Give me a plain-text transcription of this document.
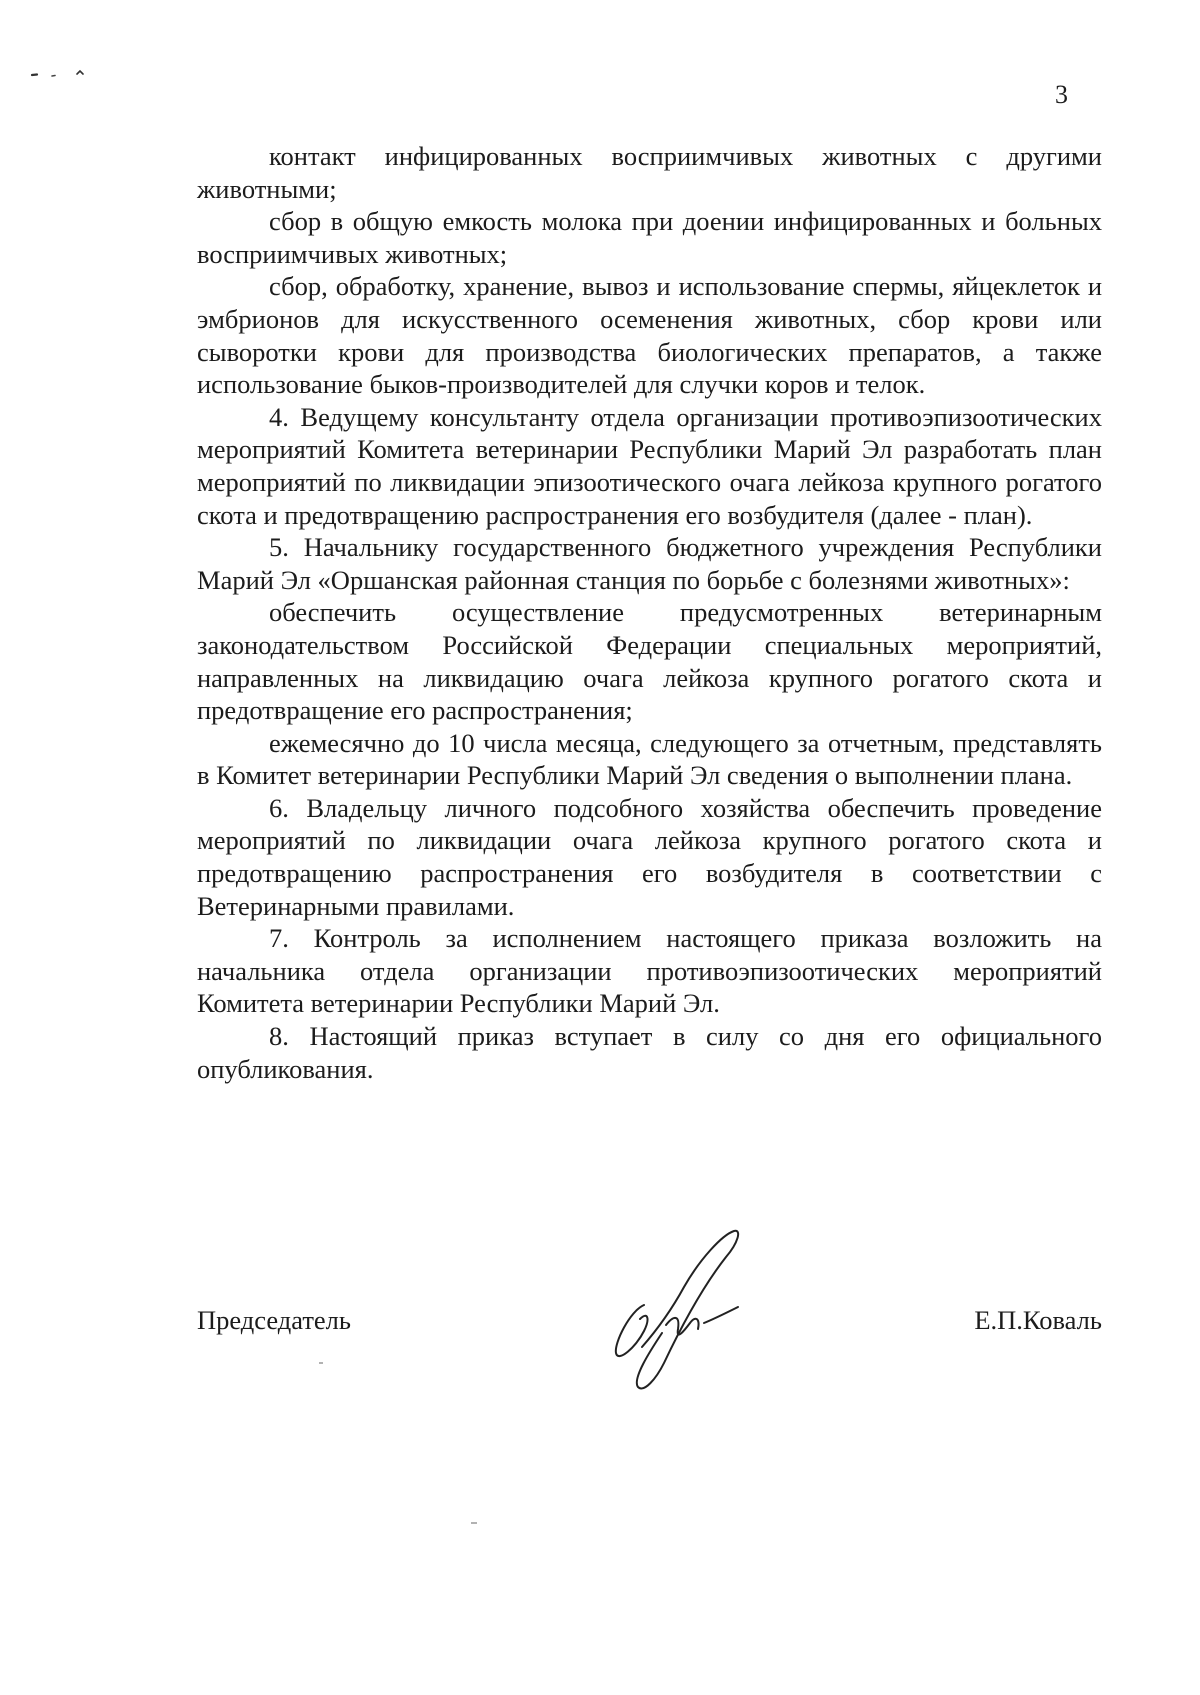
3

контакт инфицированных восприимчивых животных с другими животными;

сбор в общую емкость молока при доении инфицированных и больных восприимчивых животных;

сбор, обработку, хранение, вывоз и использование спермы, яйцеклеток и эмбрионов для искусственного осеменения животных, сбор крови или сыворотки крови для производства биологических препаратов, а также использование быков-производителей для случки коров и телок.

4. Ведущему консультанту отдела организации противоэпизоотических мероприятий Комитета ветеринарии Республики Марий Эл разработать план мероприятий по ликвидации эпизоотического очага лейкоза крупного рогатого скота и предотвращению распространения его возбудителя (далее - план).

5. Начальнику государственного бюджетного учреждения Республики Марий Эл «Оршанская районная станция по борьбе с болезнями животных»:

обеспечить осуществление предусмотренных ветеринарным законодательством Российской Федерации специальных мероприятий, направленных на ликвидацию очага лейкоза крупного рогатого скота и предотвращение его распространения;

ежемесячно до 10 числа месяца, следующего за отчетным, представлять в Комитет ветеринарии Республики Марий Эл сведения о выполнении плана.

6. Владельцу личного подсобного хозяйства обеспечить проведение мероприятий по ликвидации очага лейкоза крупного рогатого скота и предотвращению распространения его возбудителя в соответствии с Ветеринарными правилами.

7. Контроль за исполнением настоящего приказа возложить на начальника отдела организации противоэпизоотических мероприятий Комитета ветеринарии Республики Марий Эл.

8. Настоящий приказ вступает в силу со дня его официального опубликования.

Председатель	Е.П.Коваль
